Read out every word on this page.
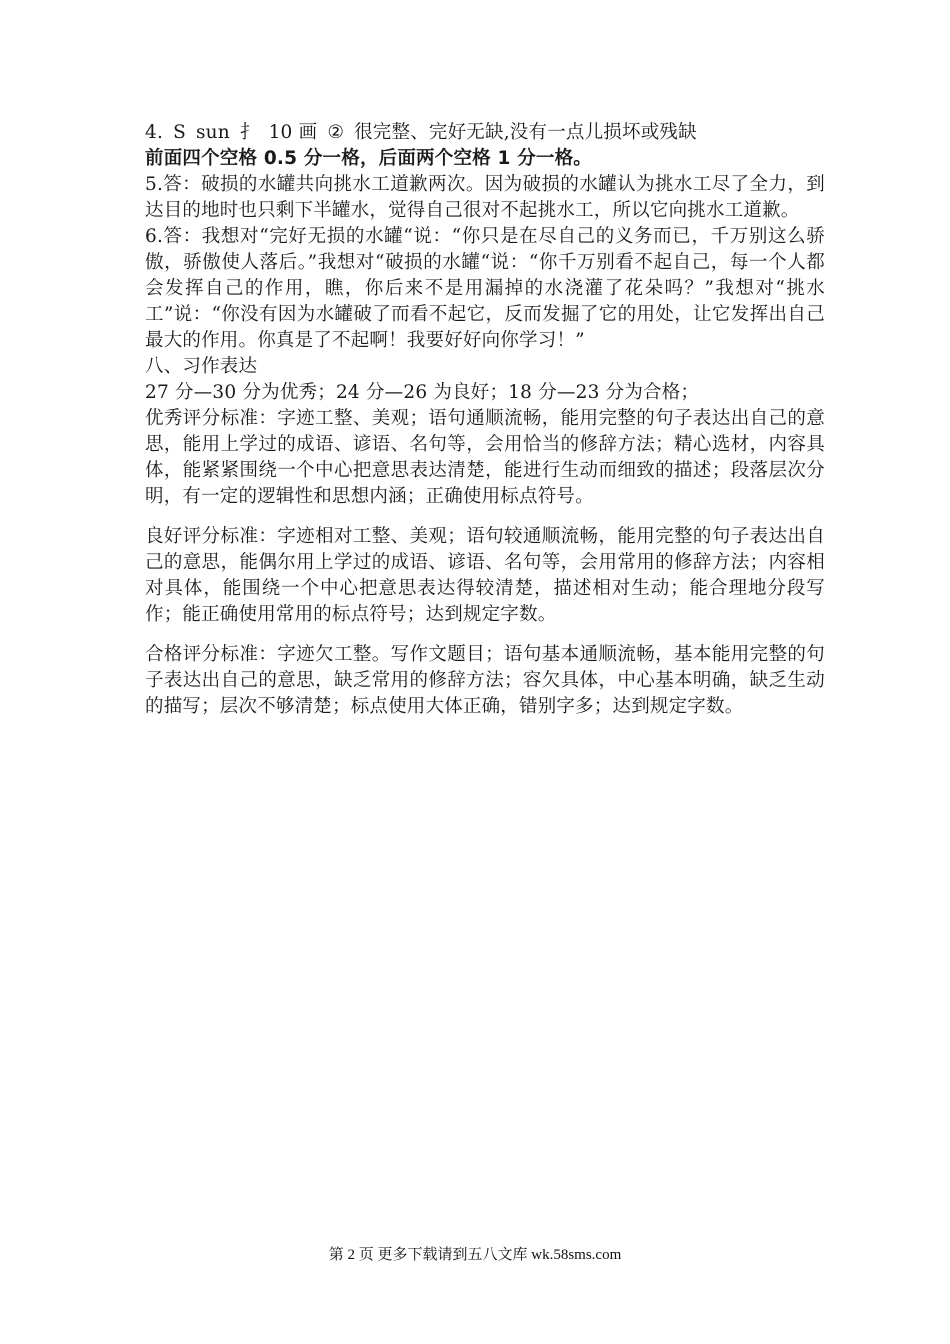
4. S sun 扌 10 画 ② 很完整、完好无缺,没有一点儿损坏或残缺
前面四个空格 0.5 分一格，后面两个空格 1 分一格。

5.答：破损的水罐共向挑水工道歉两次。因为破损的水罐认为挑水工尽了全力，到达目的地时也只剩下半罐水，觉得自己很对不起挑水工，所以它向挑水工道歉。

6.答：我想对“完好无损的水罐“说：“你只是在尽自己的义务而已，千万别这么骄傲，骄傲使人落后。”我想对“破损的水罐“说：“你千万别看不起自己，每一个人都会发挥自己的作用，瞧，你后来不是用漏掉的水浇灌了花朵吗？”我想对“挑水工”说：“你没有因为水罐破了而看不起它，反而发掘了它的用处，让它发挥出自己最大的作用。你真是了不起啊！我要好好向你学习！”

八、习作表达
27 分—30 分为优秀；24 分—26 为良好；18 分—23 分为合格；

优秀评分标准：字迹工整、美观；语句通顺流畅，能用完整的句子表达出自己的意思，能用上学过的成语、谚语、名句等，会用恰当的修辞方法；精心选材，内容具体，能紧紧围绕一个中心把意思表达清楚，能进行生动而细致的描述；段落层次分明，有一定的逻辑性和思想内涵；正确使用标点符号。

良好评分标准：字迹相对工整、美观；语句较通顺流畅，能用完整的句子表达出自己的意思，能偶尔用上学过的成语、谚语、名句等，会用常用的修辞方法；内容相对具体，能围绕一个中心把意思表达得较清楚，描述相对生动；能合理地分段写作；能正确使用常用的标点符号；达到规定字数。

合格评分标准：字迹欠工整。写作文题目；语句基本通顺流畅，基本能用完整的句子表达出自己的意思，缺乏常用的修辞方法；容欠具体，中心基本明确，缺乏生动的描写；层次不够清楚；标点使用大体正确，错别字多；达到规定字数。

第 2 页 更多下载请到五八文库 wk.58sms.com
